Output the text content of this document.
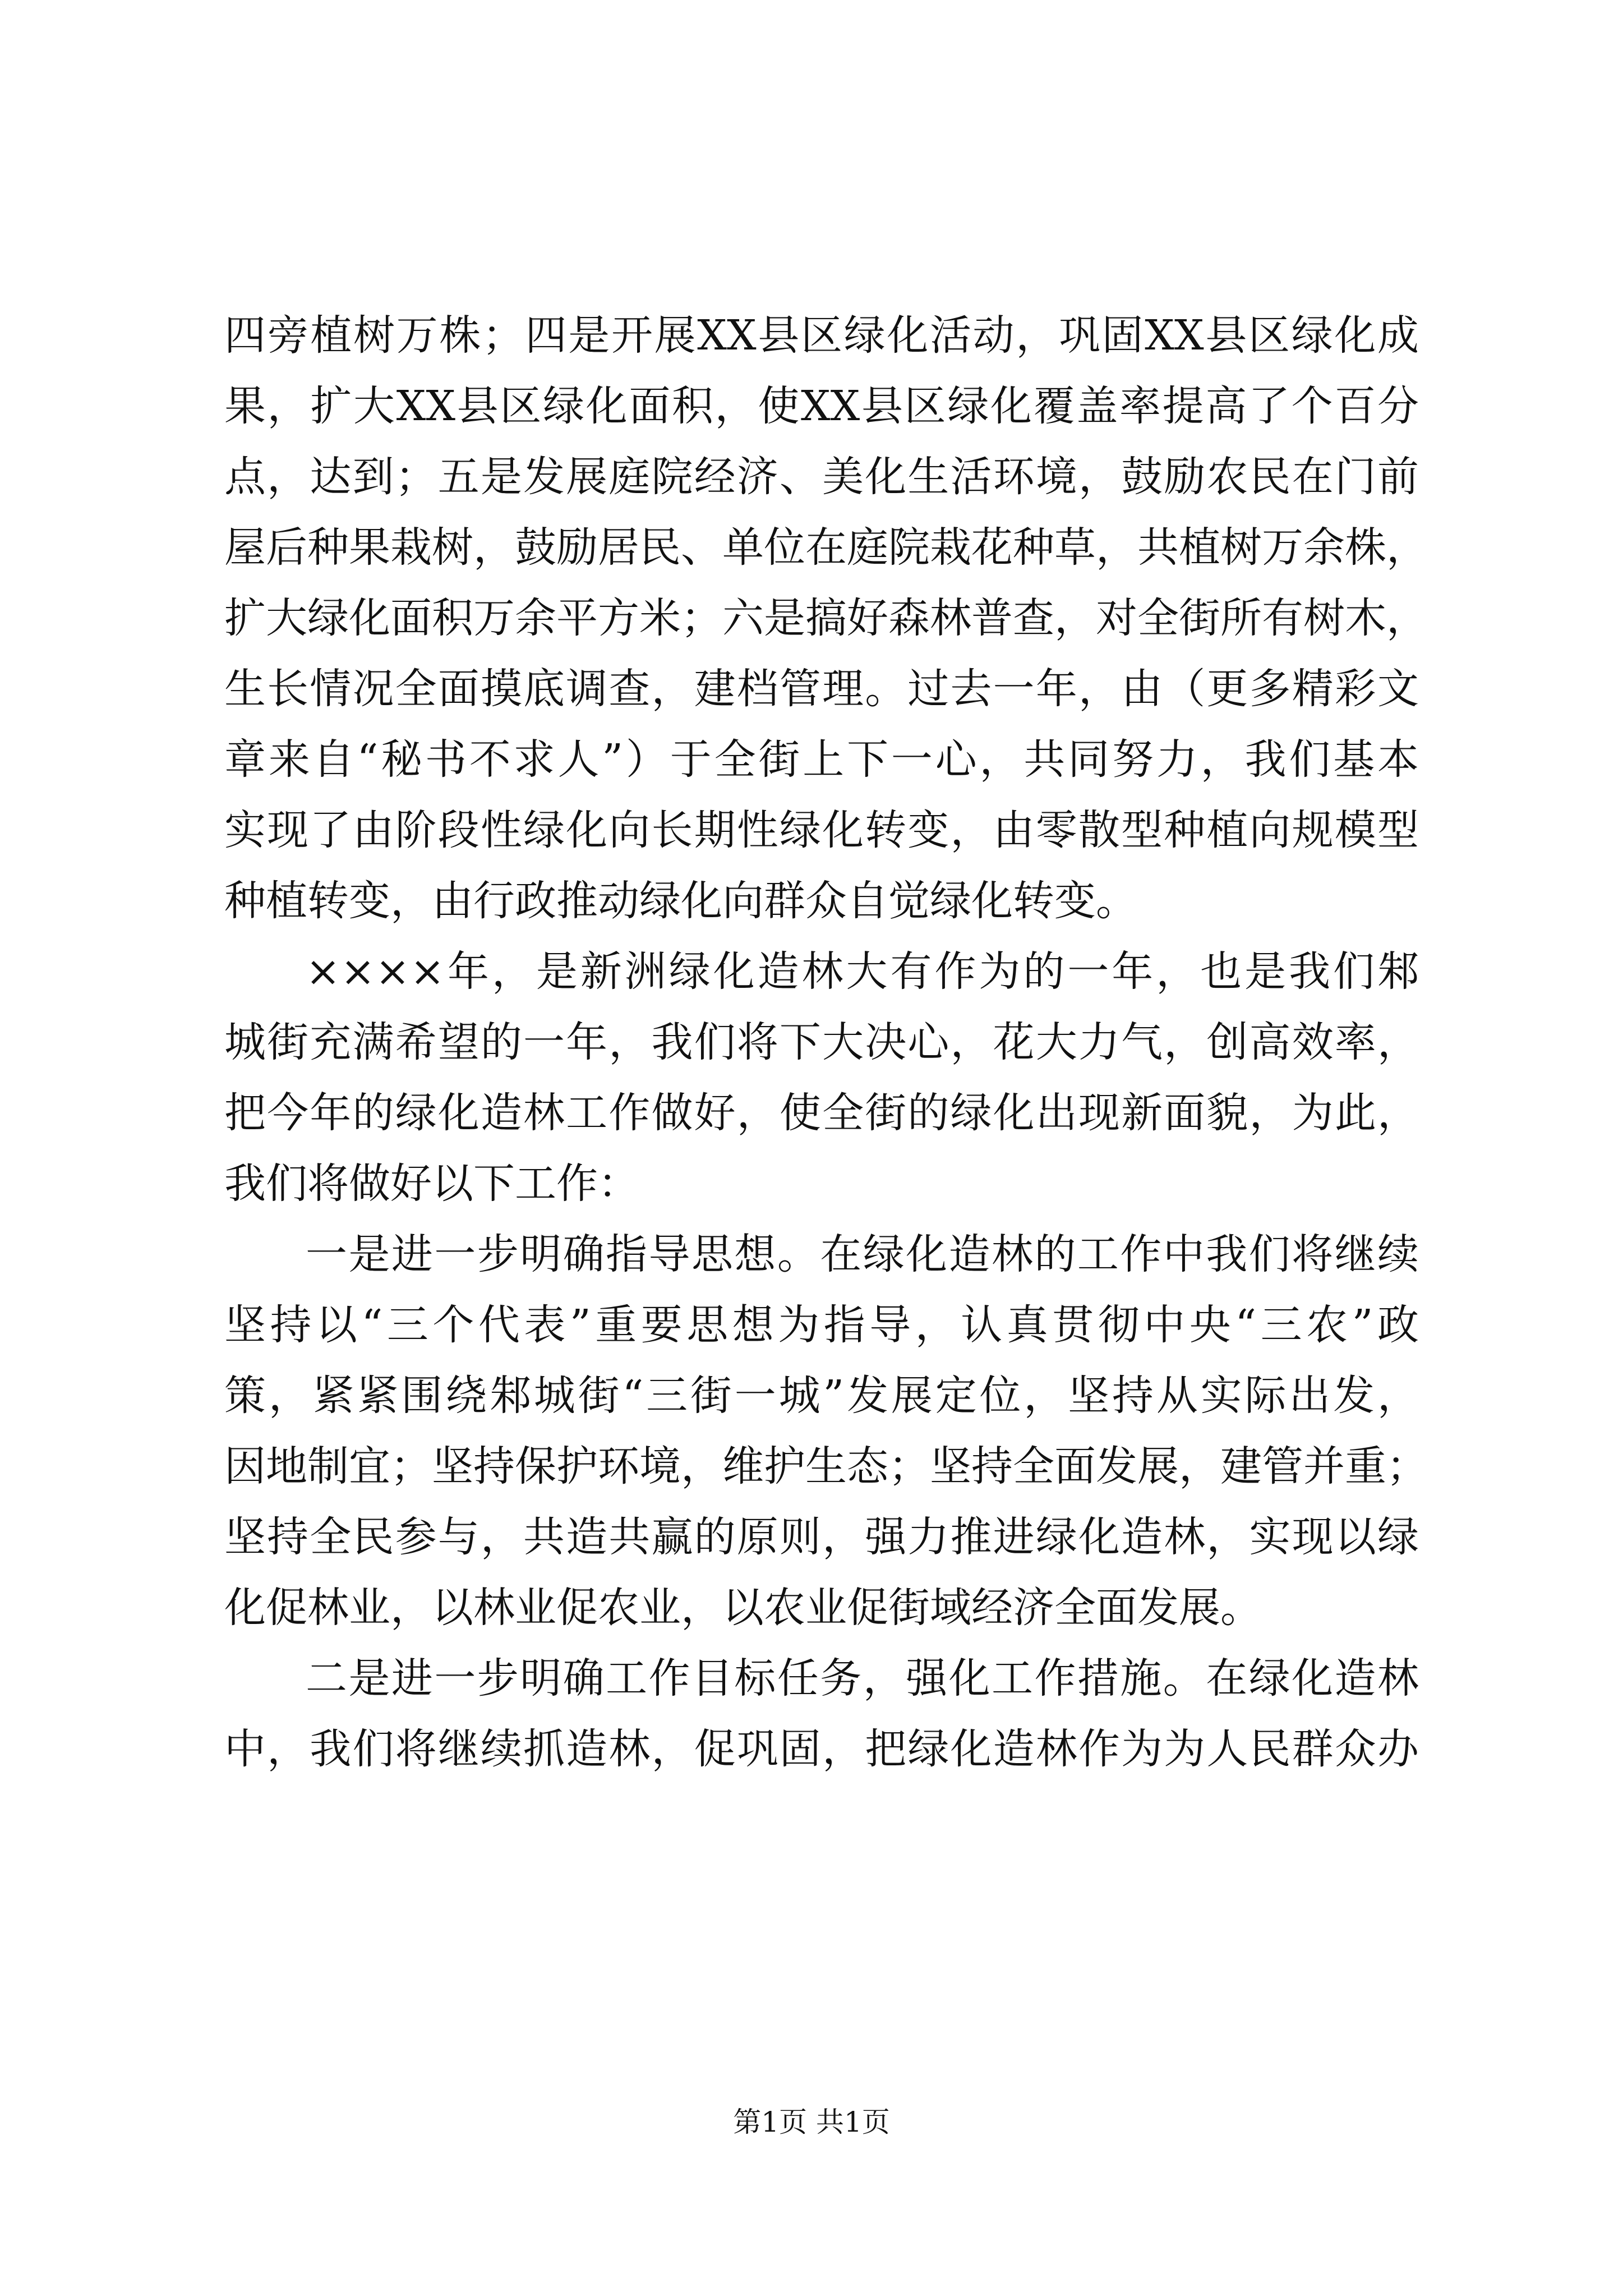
四旁植树万株；四是开展XX县区绿化活动，巩固XX县区绿化成
果，扩大XX县区绿化面积，使XX县区绿化覆盖率提高了个百分
点，达到；五是发展庭院经济、美化生活环境，鼓励农民在门前
屋后种果栽树，鼓励居民、单位在庭院栽花种草，共植树万余株，
扩大绿化面积万余平方米；六是搞好森林普查，对全街所有树木，
生长情况全面摸底调查，建档管理。过去一年，由（更多精彩文
章来自“秘书不求人”）于全街上下一心，共同努力，我们基本
实现了由阶段性绿化向长期性绿化转变，由零散型种植向规模型
种植转变，由行政推动绿化向群众自觉绿化转变。
××××年，是新洲绿化造林大有作为的一年，也是我们邾
城街充满希望的一年，我们将下大决心，花大力气，创高效率，
把今年的绿化造林工作做好，使全街的绿化出现新面貌，为此，
我们将做好以下工作：
一是进一步明确指导思想。在绿化造林的工作中我们将继续
坚持以“三个代表”重要思想为指导，认真贯彻中央“三农”政
策，紧紧围绕邾城街“三街一城”发展定位，坚持从实际出发，
因地制宜；坚持保护环境，维护生态；坚持全面发展，建管并重；
坚持全民参与，共造共赢的原则，强力推进绿化造林，实现以绿
化促林业，以林业促农业，以农业促街域经济全面发展。
二是进一步明确工作目标任务，强化工作措施。在绿化造林
中，我们将继续抓造林，促巩固，把绿化造林作为为人民群众办
第1页 共1页
